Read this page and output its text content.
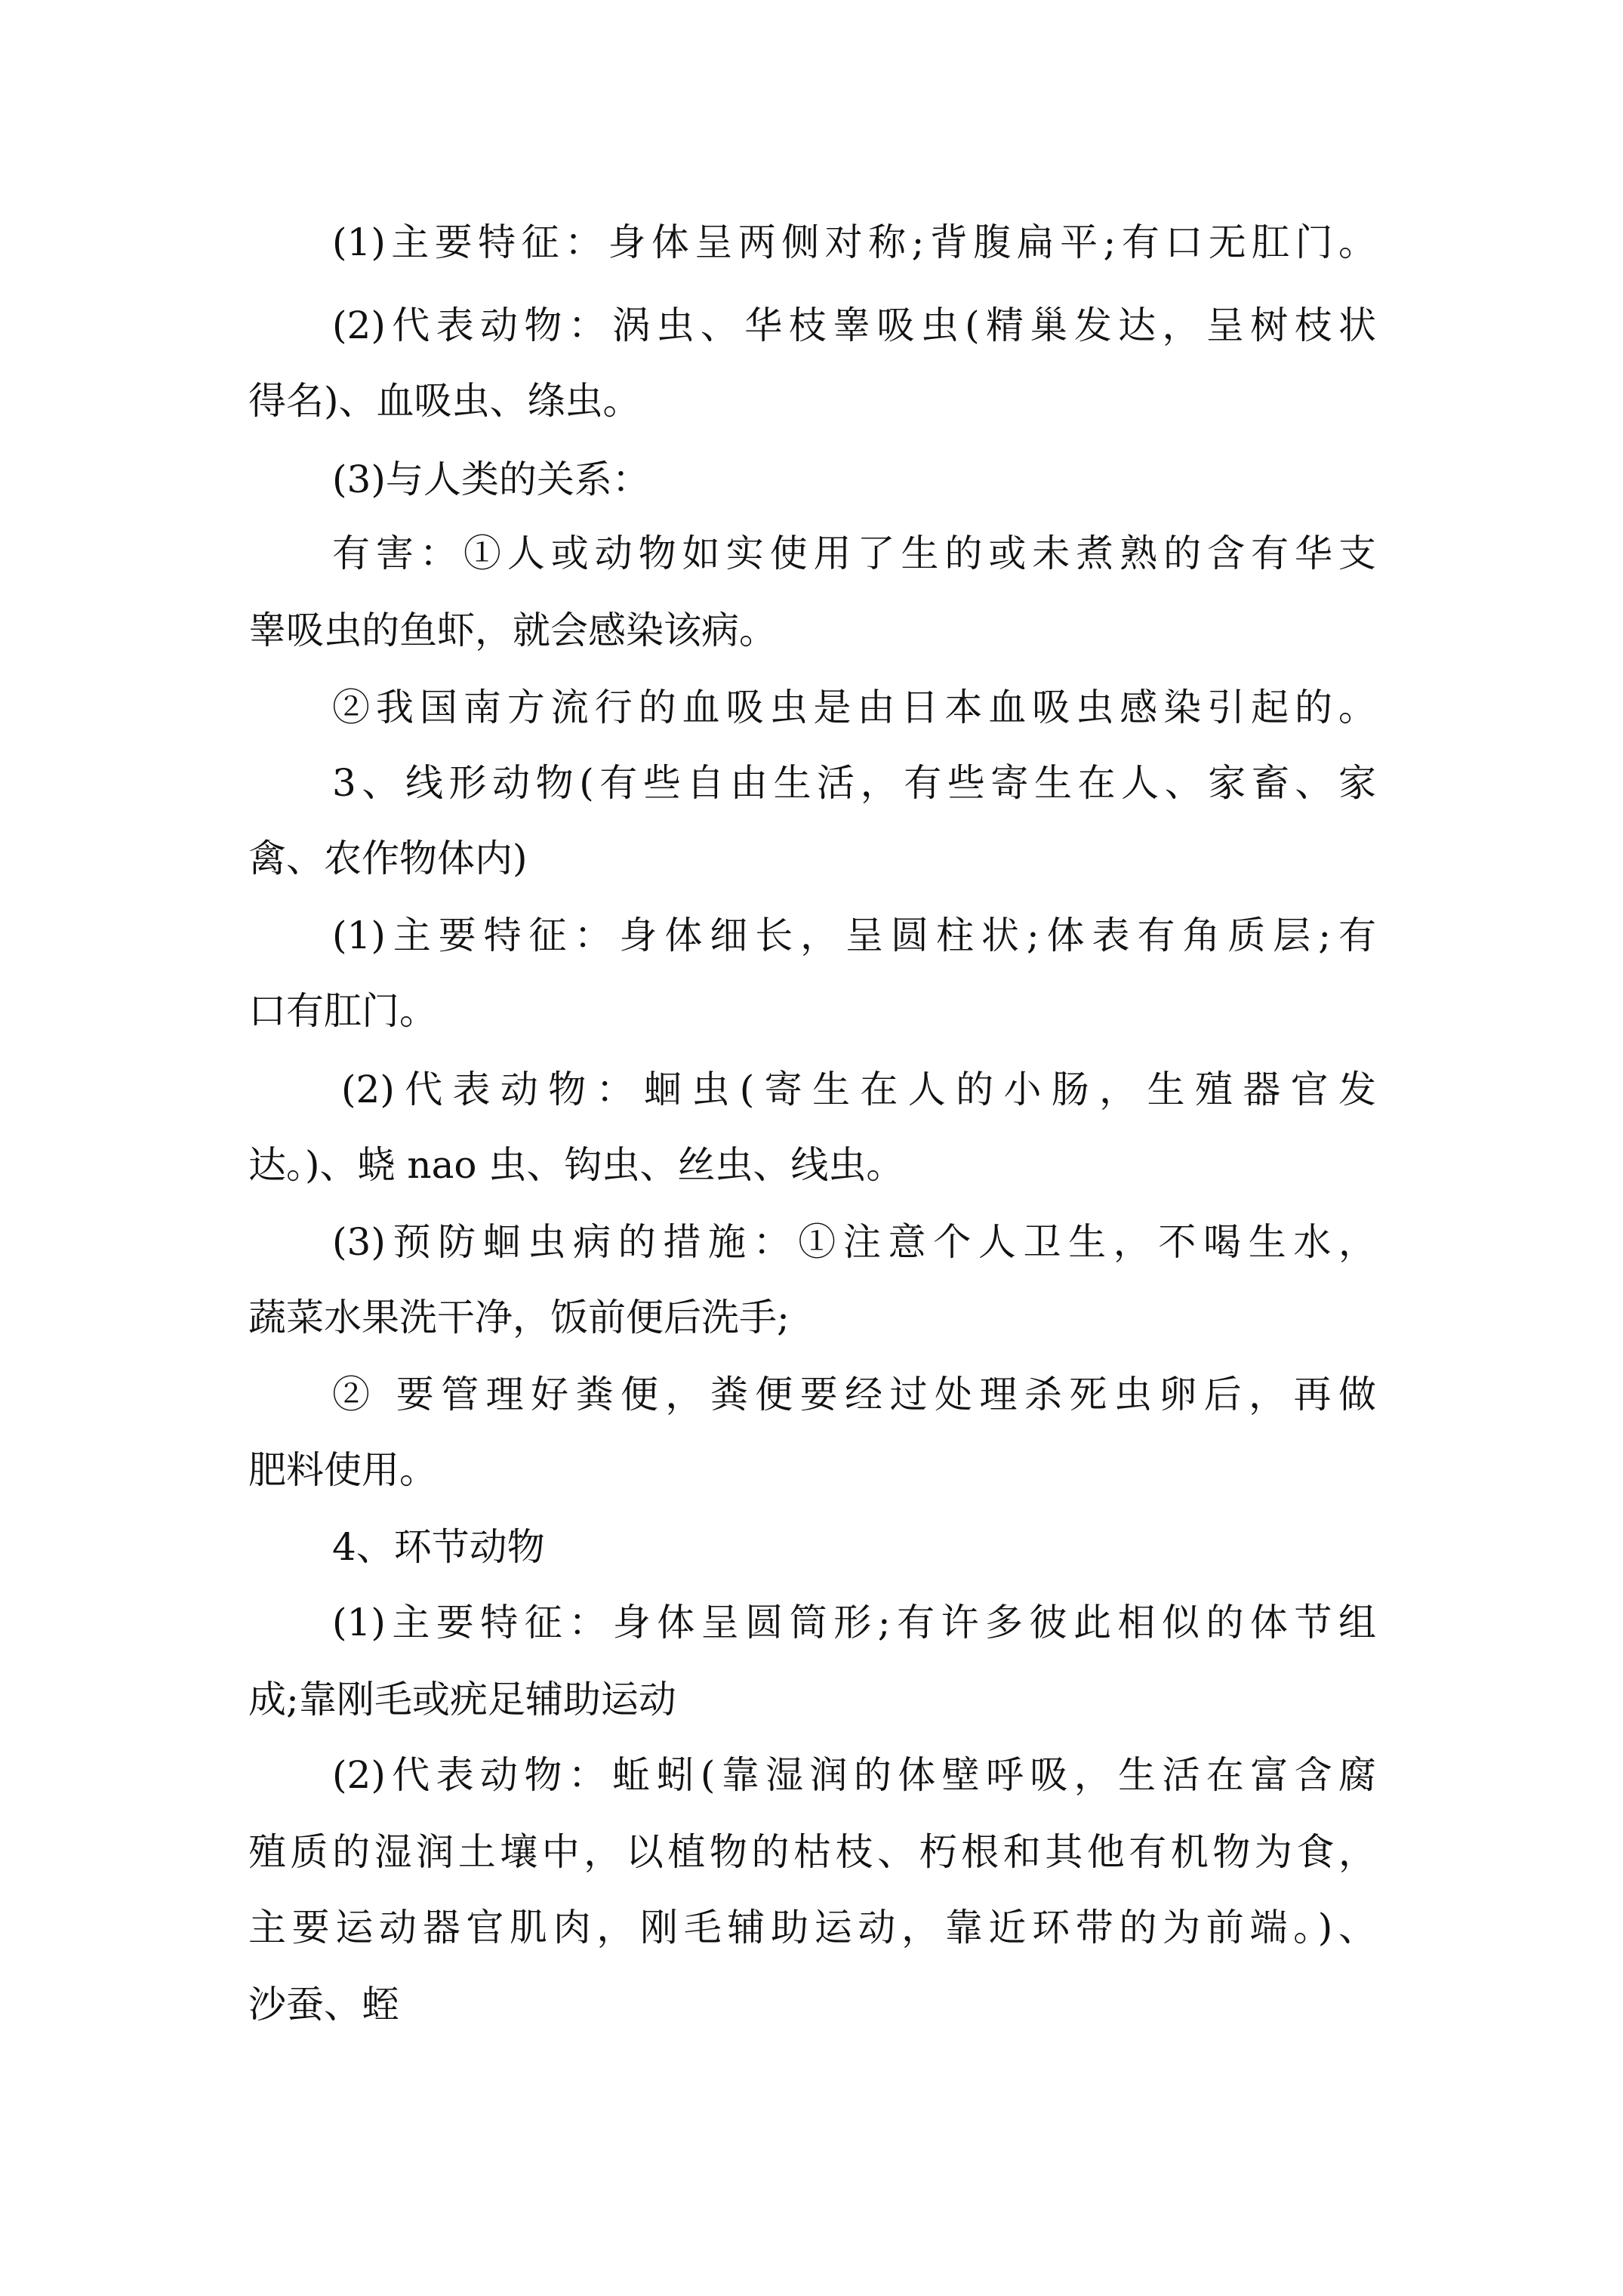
(1)主要特征：身体呈两侧对称;背腹扁平;有口无肛门。

(2)代表动物：涡虫、华枝睾吸虫(精巢发达，呈树枝状

得名)、血吸虫、绦虫。

(3)与人类的关系：

有害：①人或动物如实使用了生的或未煮熟的含有华支

睾吸虫的鱼虾，就会感染该病。

②我国南方流行的血吸虫是由日本血吸虫感染引起的。

3、线形动物(有些自由生活，有些寄生在人、家畜、家

禽、农作物体内)

(1)主要特征：身体细长，呈圆柱状;体表有角质层;有

口有肛门。

(2)代表动物：蛔虫(寄生在人的小肠，生殖器官发

达。)、蛲 nao 虫、钩虫、丝虫、线虫。

(3)预防蛔虫病的措施：①注意个人卫生，不喝生水，

蔬菜水果洗干净，饭前便后洗手;

② 要管理好粪便，粪便要经过处理杀死虫卵后，再做

肥料使用。

4、环节动物

(1)主要特征：身体呈圆筒形;有许多彼此相似的体节组

成;靠刚毛或疣足辅助运动

(2)代表动物：蚯蚓(靠湿润的体壁呼吸，生活在富含腐

殖质的湿润土壤中，以植物的枯枝、朽根和其他有机物为食，

主要运动器官肌肉，刚毛辅助运动，靠近环带的为前端。)、

沙蚕、蛭
